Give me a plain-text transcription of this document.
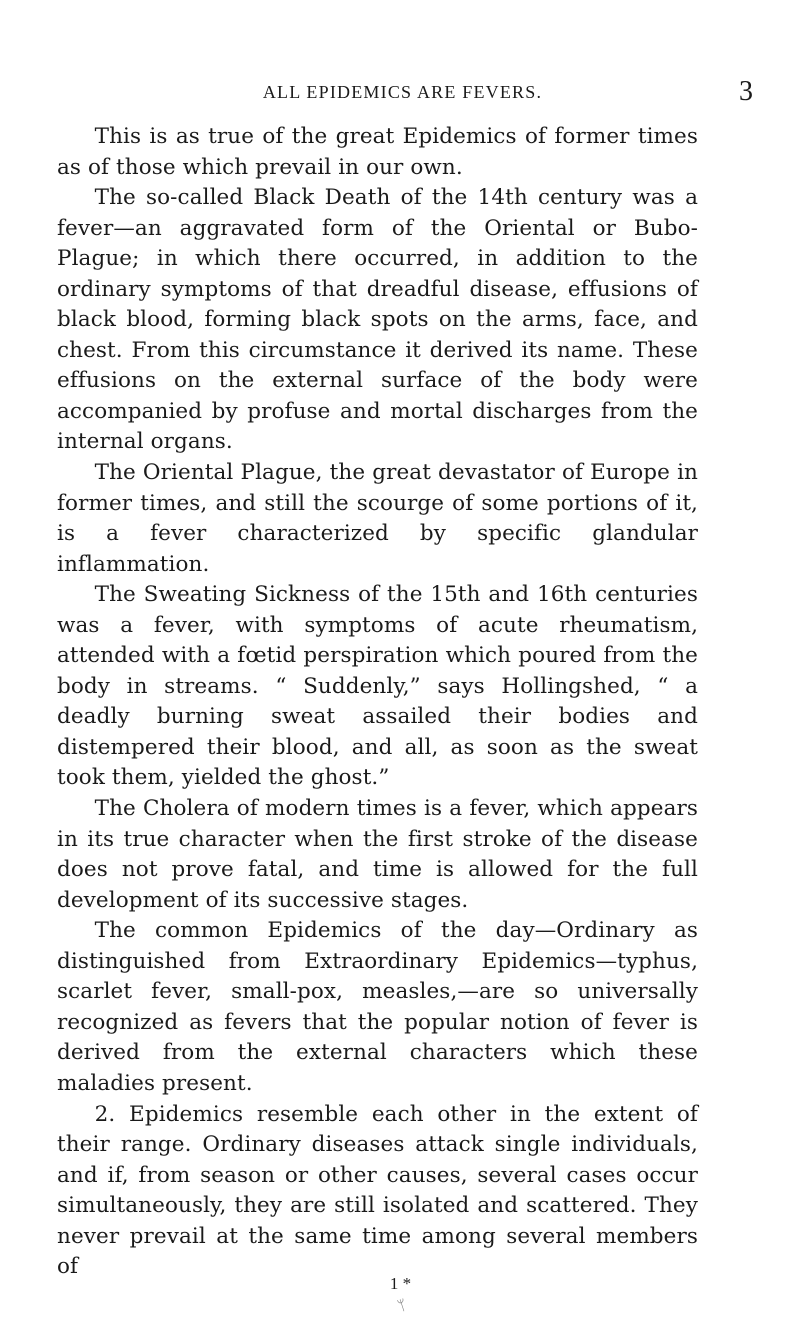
ALL EPIDEMICS ARE FEVERS.	3

This is as true of the great Epidemics of former times as of those which prevail in our own.

The so-called Black Death of the 14th century was a fever—an aggravated form of the Oriental or Bubo-Plague; in which there occurred, in addition to the ordinary symptoms of that dreadful disease, effusions of black blood, forming black spots on the arms, face, and chest. From this circumstance it derived its name. These effusions on the external surface of the body were accompanied by profuse and mortal discharges from the internal organs.

The Oriental Plague, the great devastator of Europe in former times, and still the scourge of some portions of it, is a fever characterized by specific glandular inflammation.

The Sweating Sickness of the 15th and 16th centuries was a fever, with symptoms of acute rheumatism, attended with a fœtid perspiration which poured from the body in streams. “ Suddenly,” says Hollingshed, “ a deadly burning sweat assailed their bodies and distempered their blood, and all, as soon as the sweat took them, yielded the ghost.”

The Cholera of modern times is a fever, which appears in its true character when the first stroke of the disease does not prove fatal, and time is allowed for the full development of its successive stages.

The common Epidemics of the day—Ordinary as distinguished from Extraordinary Epidemics—typhus, scarlet fever, small-pox, measles,—are so universally recognized as fevers that the popular notion of fever is derived from the external characters which these maladies present.

2. Epidemics resemble each other in the extent of their range. Ordinary diseases attack single individuals, and if, from season or other causes, several cases occur simultaneously, they are still isolated and scattered. They never prevail at the same time among several members of

1 *
ᛘ
